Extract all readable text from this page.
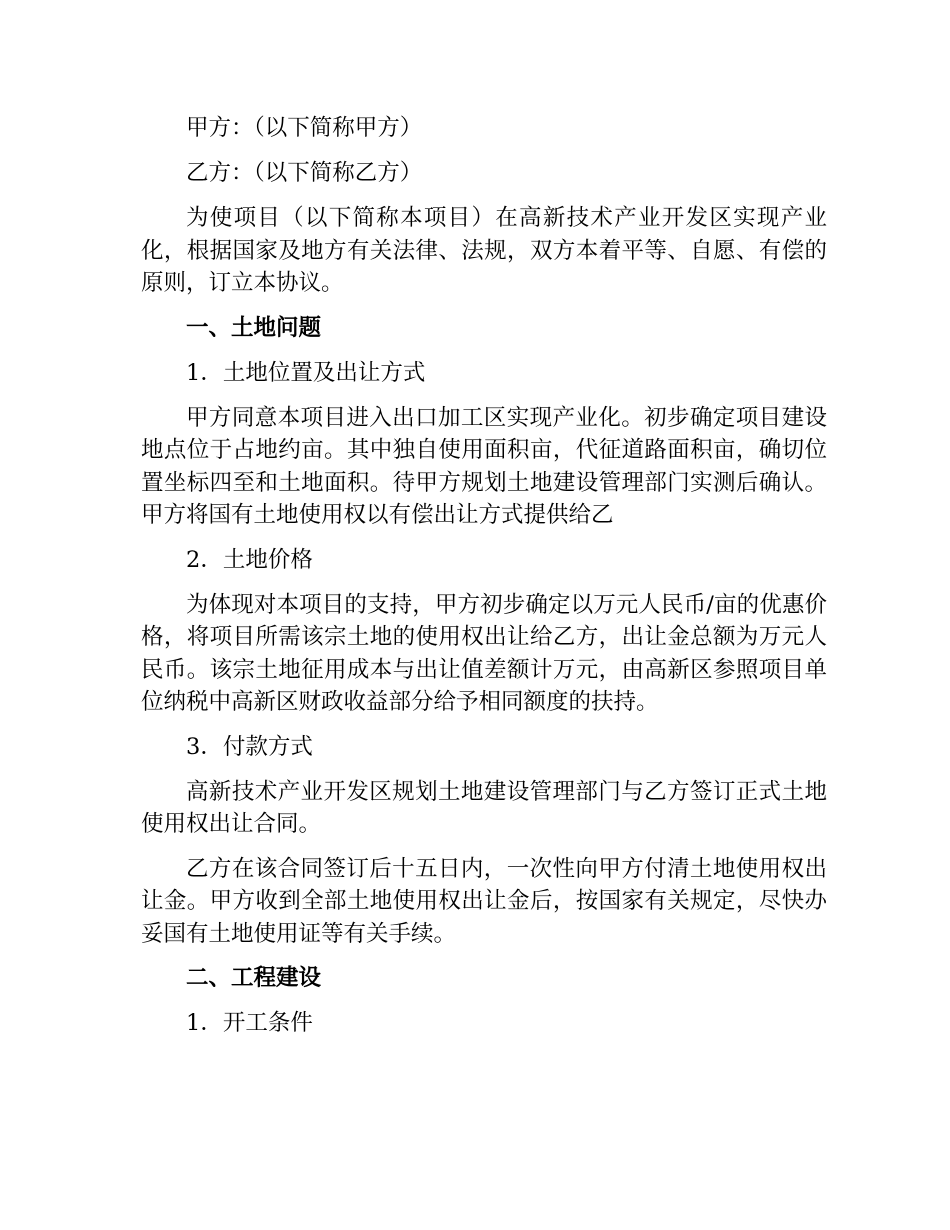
甲方：（以下简称甲方）

乙方：（以下简称乙方）

为使项目（以下简称本项目）在高新技术产业开发区实现产业化，根据国家及地方有关法律、法规，双方本着平等、自愿、有偿的原则，订立本协议。

一、土地问题

1．土地位置及出让方式

甲方同意本项目进入出口加工区实现产业化。初步确定项目建设地点位于占地约亩。其中独自使用面积亩，代征道路面积亩，确切位置坐标四至和土地面积。待甲方规划土地建设管理部门实测后确认。甲方将国有土地使用权以有偿出让方式提供给乙

2．土地价格

为体现对本项目的支持，甲方初步确定以万元人民币/亩的优惠价格，将项目所需该宗土地的使用权出让给乙方，出让金总额为万元人民币。该宗土地征用成本与出让值差额计万元，由高新区参照项目单位纳税中高新区财政收益部分给予相同额度的扶持。

3．付款方式

高新技术产业开发区规划土地建设管理部门与乙方签订正式土地使用权出让合同。

乙方在该合同签订后十五日内，一次性向甲方付清土地使用权出让金。甲方收到全部土地使用权出让金后，按国家有关规定，尽快办妥国有土地使用证等有关手续。

二、工程建设

1．开工条件
